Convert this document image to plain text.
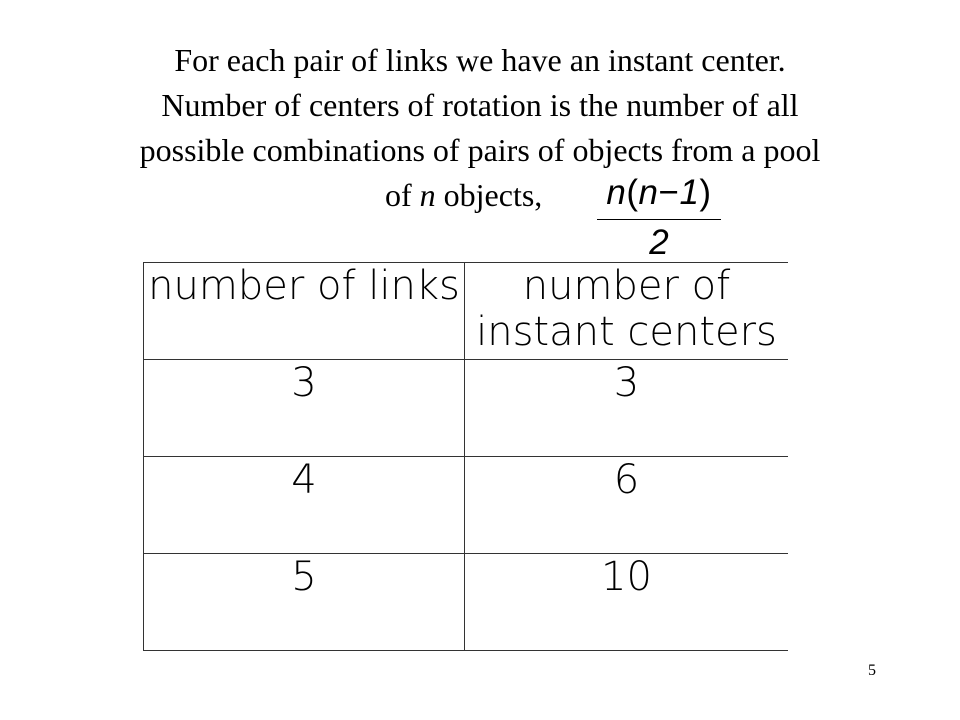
For each pair of links we have an instant center.
Number of centers of rotation is the number of all
possible combinations of pairs of objects from a pool
of n objects,	n(n−1)
2
number of links	number of instant centers
3	3
4	6
5	10
5
